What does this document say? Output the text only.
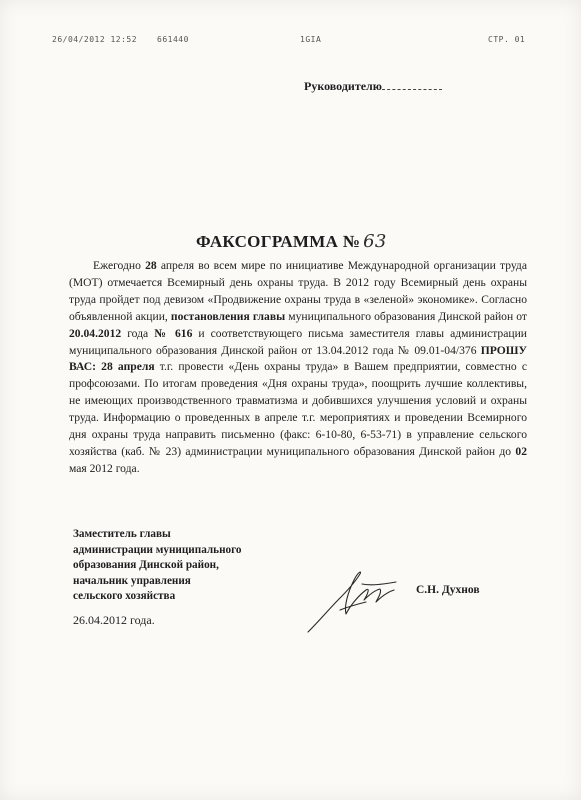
26/04/2012 12:52 661440	1GIA	СТР. 01
Руководителю
ФАКСОГРАММА № 63
Ежегодно 28 апреля во всем мире по инициативе Международной организации труда (МОТ) отмечается Всемирный день охраны труда. В 2012 году Всемирный день охраны труда пройдет под девизом «Продвижение охраны труда в «зеленой» экономике». Согласно объявленной акции, постановления главы муниципального образования Динской район от 20.04.2012 года № 616 и соответствующего письма заместителя главы администрации муниципального образования Динской район от 13.04.2012 года № 09.01-04/376 ПРОШУ ВАС: 28 апреля т.г. провести «День охраны труда» в Вашем предприятии, совместно с профсоюзами. По итогам проведения «Дня охраны труда», поощрить лучшие коллективы, не имеющих производственного травматизма и добившихся улучшения условий и охраны труда. Информацию о проведенных в апреле т.г. мероприятиях и проведении Всемирного дня охраны труда направить письменно (факс: 6-10-80, 6-53-71) в управление сельского хозяйства (каб. № 23) администрации муниципального образования Динской район до 02 мая 2012 года.
Заместитель главы
администрации муниципального
образования Динской район,
начальник управления
сельского хозяйства	С.Н. Духнов
26.04.2012 года.
